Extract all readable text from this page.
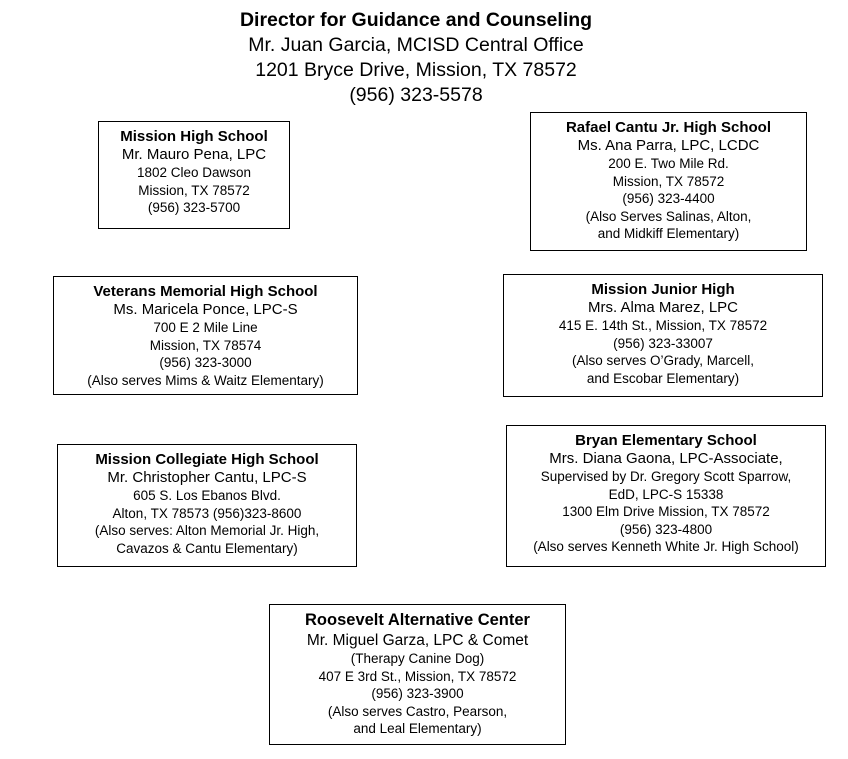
Director for Guidance and Counseling
Mr. Juan Garcia, MCISD Central Office
1201 Bryce Drive, Mission, TX 78572
(956) 323-5578
Mission High School
Mr. Mauro Pena, LPC
1802 Cleo Dawson
Mission, TX 78572
(956) 323-5700
Rafael Cantu Jr. High School
Ms. Ana Parra, LPC, LCDC
200 E. Two Mile Rd.
Mission, TX 78572
(956) 323-4400
(Also Serves Salinas, Alton,
and Midkiff Elementary)
Veterans Memorial High School
Ms. Maricela Ponce, LPC-S
700 E 2 Mile Line
Mission, TX 78574
(956) 323-3000
(Also serves Mims & Waitz Elementary)
Mission Junior High
Mrs. Alma Marez, LPC
415 E. 14th St., Mission, TX 78572
(956) 323-33007
(Also serves O’Grady, Marcell,
and Escobar Elementary)
Mission Collegiate High School
Mr. Christopher Cantu, LPC-S
605 S. Los Ebanos Blvd.
Alton, TX 78573 (956)323-8600
(Also serves: Alton Memorial Jr. High,
Cavazos & Cantu Elementary)
Bryan Elementary School
Mrs. Diana Gaona, LPC-Associate,
Supervised by Dr. Gregory Scott Sparrow,
EdD, LPC-S 15338
1300 Elm Drive Mission, TX 78572
(956) 323-4800
(Also serves Kenneth White Jr. High School)
Roosevelt Alternative Center
Mr. Miguel Garza, LPC & Comet
(Therapy Canine Dog)
407 E 3rd St., Mission, TX 78572
(956) 323-3900
(Also serves Castro, Pearson,
and Leal Elementary)
